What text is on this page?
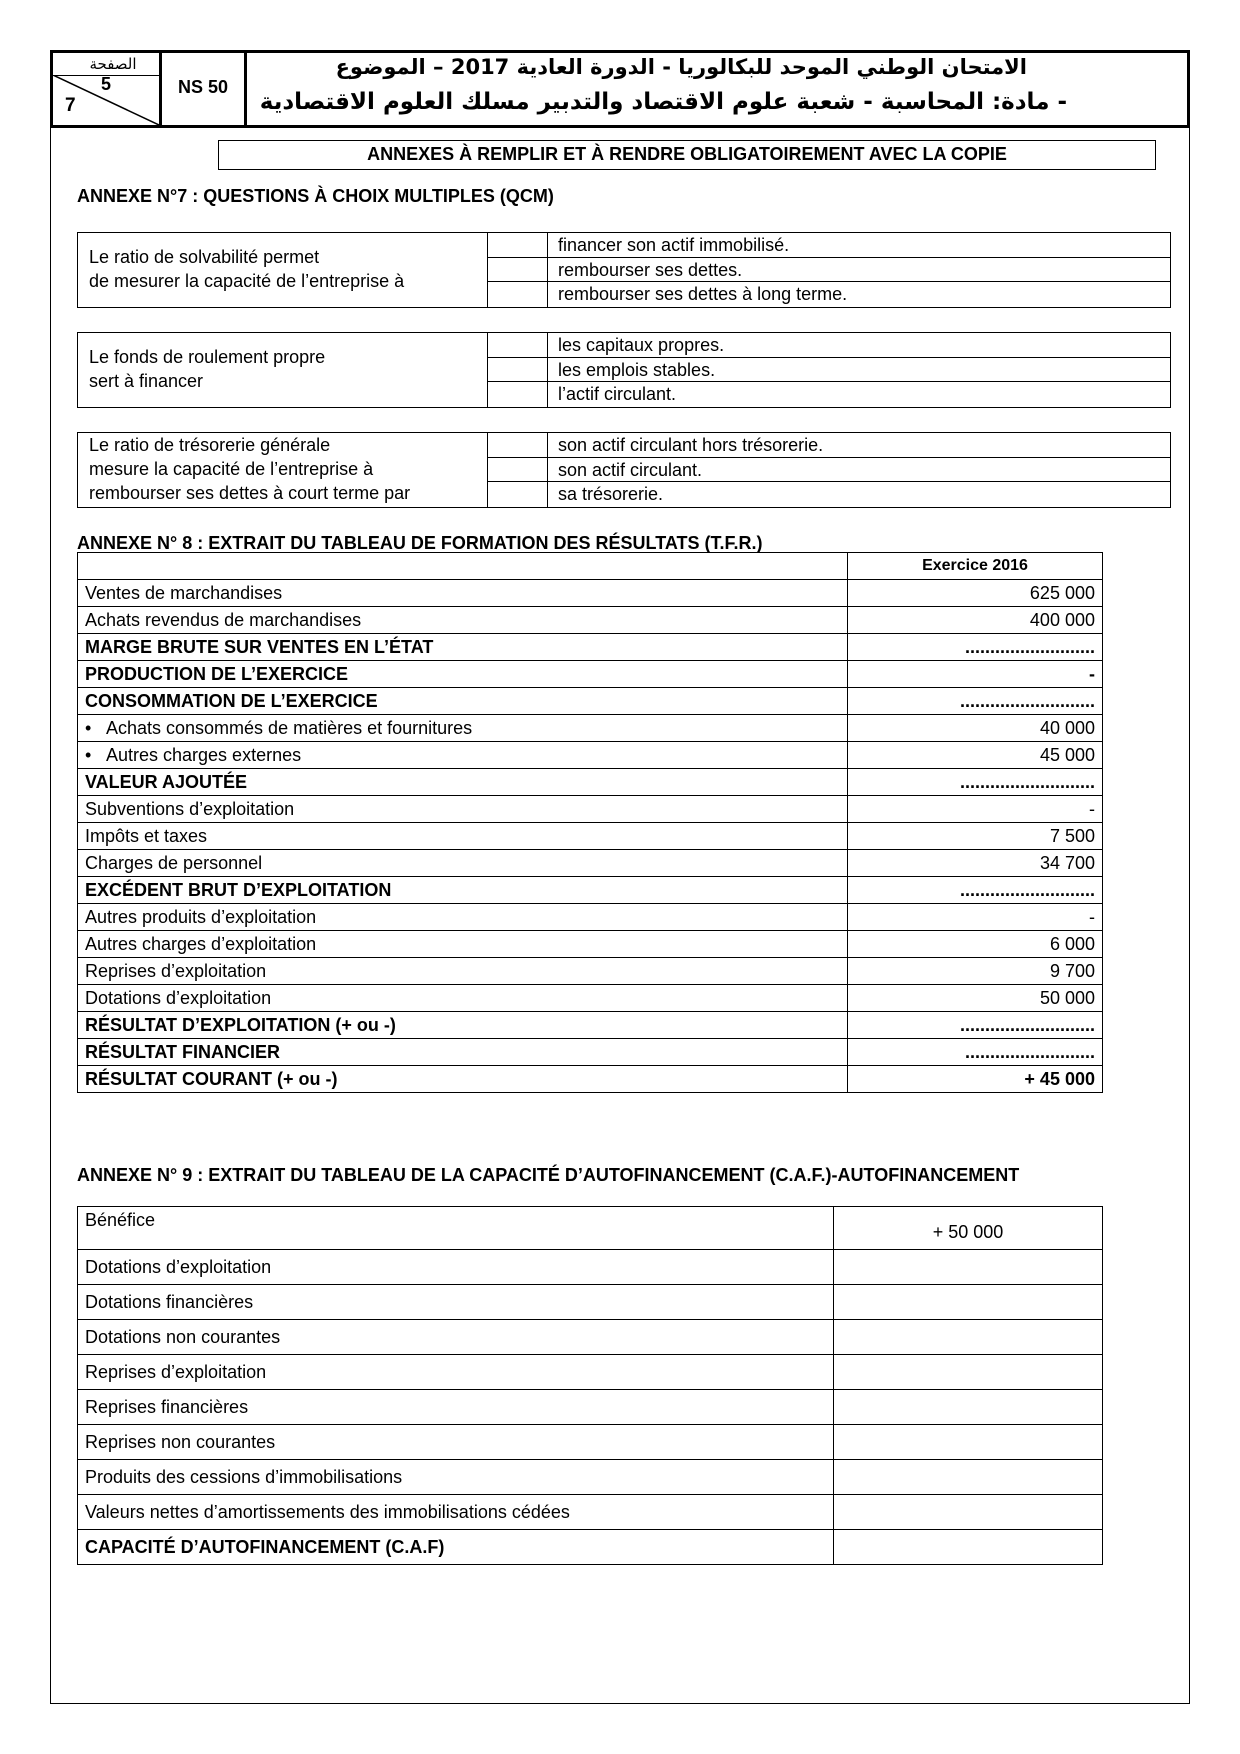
الصفحة
5
7
NS 50
الامتحان الوطني الموحد للبكالوريا - الدورة العادية 2017 – الموضوع
- مادة: المحاسبة - شعبة علوم الاقتصاد والتدبير مسلك العلوم الاقتصادية
ANNEXES À REMPLIR ET À RENDRE OBLIGATOIREMENT AVEC LA COPIE
ANNEXE N°7 : QUESTIONS À CHOIX MULTIPLES (QCM)
Le ratio de solvabilité permet
de mesurer la capacité de l’entreprise à
financer son actif immobilisé.
rembourser ses dettes.
rembourser ses dettes à long terme.
Le fonds de roulement propre
sert à financer
les capitaux propres.
les emplois stables.
l’actif circulant.
Le ratio de trésorerie générale
mesure la capacité de l’entreprise à
rembourser ses dettes à court terme par
son actif circulant hors trésorerie.
son actif circulant.
sa trésorerie.
ANNEXE N° 8 : EXTRAIT DU TABLEAU DE FORMATION DES RÉSULTATS (T.F.R.)
	Exercice 2016
Ventes de marchandises	625 000
Achats revendus de marchandises	400 000
MARGE BRUTE SUR VENTES EN L’ÉTAT	..........................
PRODUCTION DE L’EXERCICE	-
CONSOMMATION DE L’EXERCICE	...........................
• Achats consommés de matières et fournitures	40 000
• Autres charges externes	45 000
VALEUR AJOUTÉE	...........................
Subventions d’exploitation	-
Impôts et taxes	7 500
Charges de personnel	34 700
EXCÉDENT BRUT D’EXPLOITATION	...........................
Autres produits d’exploitation	-
Autres charges d’exploitation	6 000
Reprises d’exploitation	9 700
Dotations d’exploitation	50 000
RÉSULTAT D’EXPLOITATION (+ ou -)	...........................
RÉSULTAT FINANCIER	..........................
RÉSULTAT COURANT (+ ou -)	+ 45 000
ANNEXE N° 9 : EXTRAIT DU TABLEAU DE LA CAPACITÉ D’AUTOFINANCEMENT (C.A.F.)-AUTOFINANCEMENT
Bénéfice	+ 50 000
Dotations d’exploitation	
Dotations financières	
Dotations non courantes	
Reprises d’exploitation	
Reprises financières	
Reprises non courantes	
Produits des cessions d’immobilisations	
Valeurs nettes d’amortissements des immobilisations cédées	
CAPACITÉ D’AUTOFINANCEMENT (C.A.F)	
